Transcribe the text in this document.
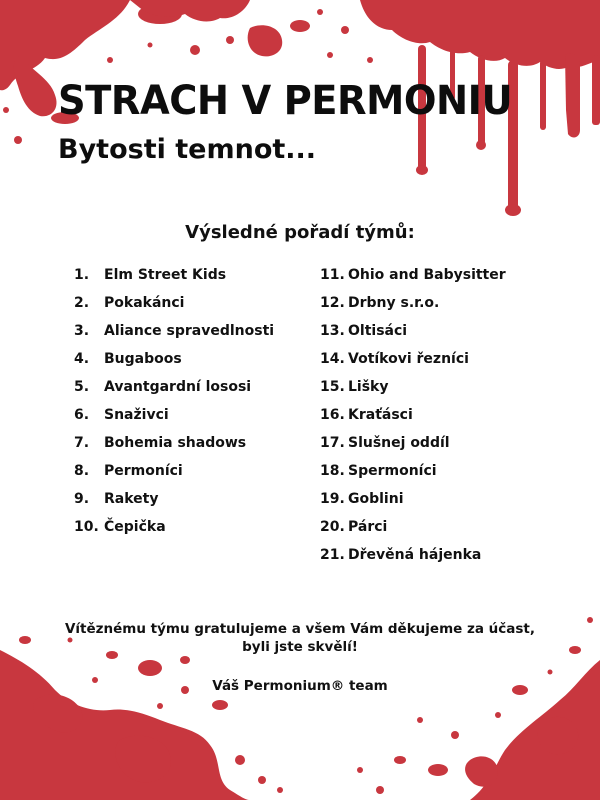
STRACH V PERMONIU
Bytosti temnot...
Výsledné pořadí týmů:
1.	Elm Street Kids
2.	Pokakánci
3.	Aliance spravedlnosti
4.	Bugaboos
5.	Avantgardní lososi
6.	Snaživci
7.	Bohemia shadows
8.	Permoníci
9.	Rakety
10. Čepička
11. Ohio and Babysitter
12. Drbny s.r.o.
13. Oltisáci
14. Votíkovi řezníci
15. Lišky
16. Kraťásci
17. Slušnej oddíl
18. Spermoníci
19. Goblini
20. Párci
21. Dřevěná hájenka
Vítěznému týmu gratulujeme a všem Vám děkujeme za účast,
byli jste skvělí!
Váš Permonium® team
